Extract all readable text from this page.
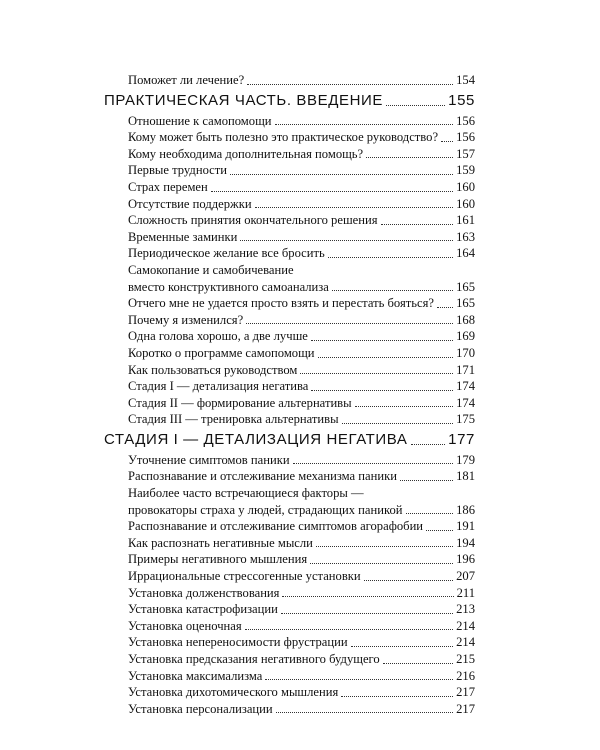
Поможет ли лечение?	154
ПРАКТИЧЕСКАЯ ЧАСТЬ. ВВЕДЕНИЕ	155
Отношение к самопомощи	156
Кому может быть полезно это практическое руководство? 156
Кому необходима дополнительная помощь?	157
Первые трудности	159
Страх перемен	160
Отсутствие поддержки	160
Сложность принятия окончательного решения	161
Временные заминки	163
Периодическое желание все бросить	164
Самокопание и самобичевание
вместо конструктивного самоанализа	165
Отчего мне не удается просто взять и перестать бояться? 165
Почему я изменился?	168
Одна голова хорошо, а две лучше	169
Коротко о программе самопомощи	170
Как пользоваться руководством	171
Стадия I — детализация негатива	174
Стадия II — формирование альтернативы	174
Стадия III — тренировка альтернативы	175
СТАДИЯ I — ДЕТАЛИЗАЦИЯ НЕГАТИВА	177
Уточнение симптомов паники	179
Распознавание и отслеживание механизма паники	181
Наиболее часто встречающиеся факторы —
провокаторы страха у людей, страдающих паникой	186
Распознавание и отслеживание симптомов агорафобии	191
Как распознать негативные мысли	194
Примеры негативного мышления	196
Иррациональные стрессогенные установки	207
Установка долженствования	211
Установка катастрофизации	213
Установка оценочная	214
Установка непереносимости фрустрации	214
Установка предсказания негативного будущего	215
Установка максимализма	216
Установка дихотомического мышления	217
Установка персонализации	217
